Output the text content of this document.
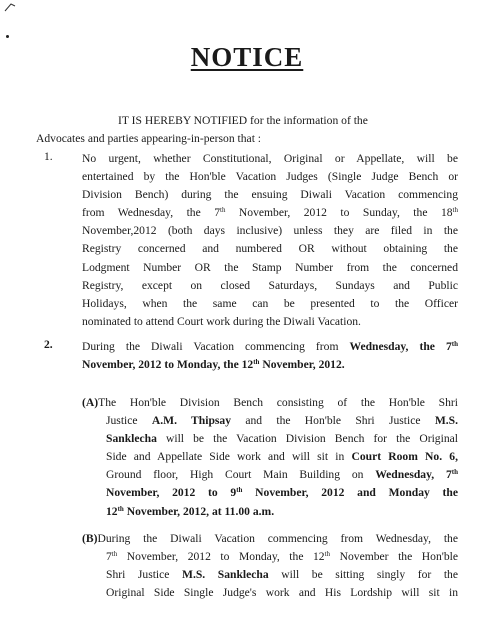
NOTICE
IT IS HEREBY NOTIFIED for the information of the
Advocates and parties appearing-in-person that :
1.	No urgent, whether Constitutional, Original or Appellate, will be
entertained by the Hon'ble Vacation Judges (Single Judge Bench or
Division Bench) during the ensuing Diwali Vacation commencing
from Wednesday, the 7th November, 2012 to Sunday, the 18th
November,2012 (both days inclusive) unless they are filed in the
Registry concerned and numbered OR without obtaining the
Lodgment Number OR the Stamp Number from the concerned
Registry, except on closed Saturdays, Sundays and Public
Holidays, when the same can be presented to the Officer
nominated to attend Court work during the Diwali Vacation.
2.	During the Diwali Vacation commencing from Wednesday, the 7th
November, 2012 to Monday, the 12th November, 2012.
(A)The Hon'ble Division Bench consisting of the Hon'ble Shri
Justice A.M. Thipsay and the Hon'ble Shri Justice M.S.
Sanklecha will be the Vacation Division Bench for the Original
Side and Appellate Side work and will sit in Court Room No. 6,
Ground floor, High Court Main Building on Wednesday, 7th
November, 2012 to 9th November, 2012 and Monday the
12th November, 2012, at 11.00 a.m.
(B)During the Diwali Vacation commencing from Wednesday, the
7th November, 2012 to Monday, the 12th November the Hon'ble
Shri Justice M.S. Sanklecha will be sitting singly for the
Original Side Single Judge's work and His Lordship will sit in
